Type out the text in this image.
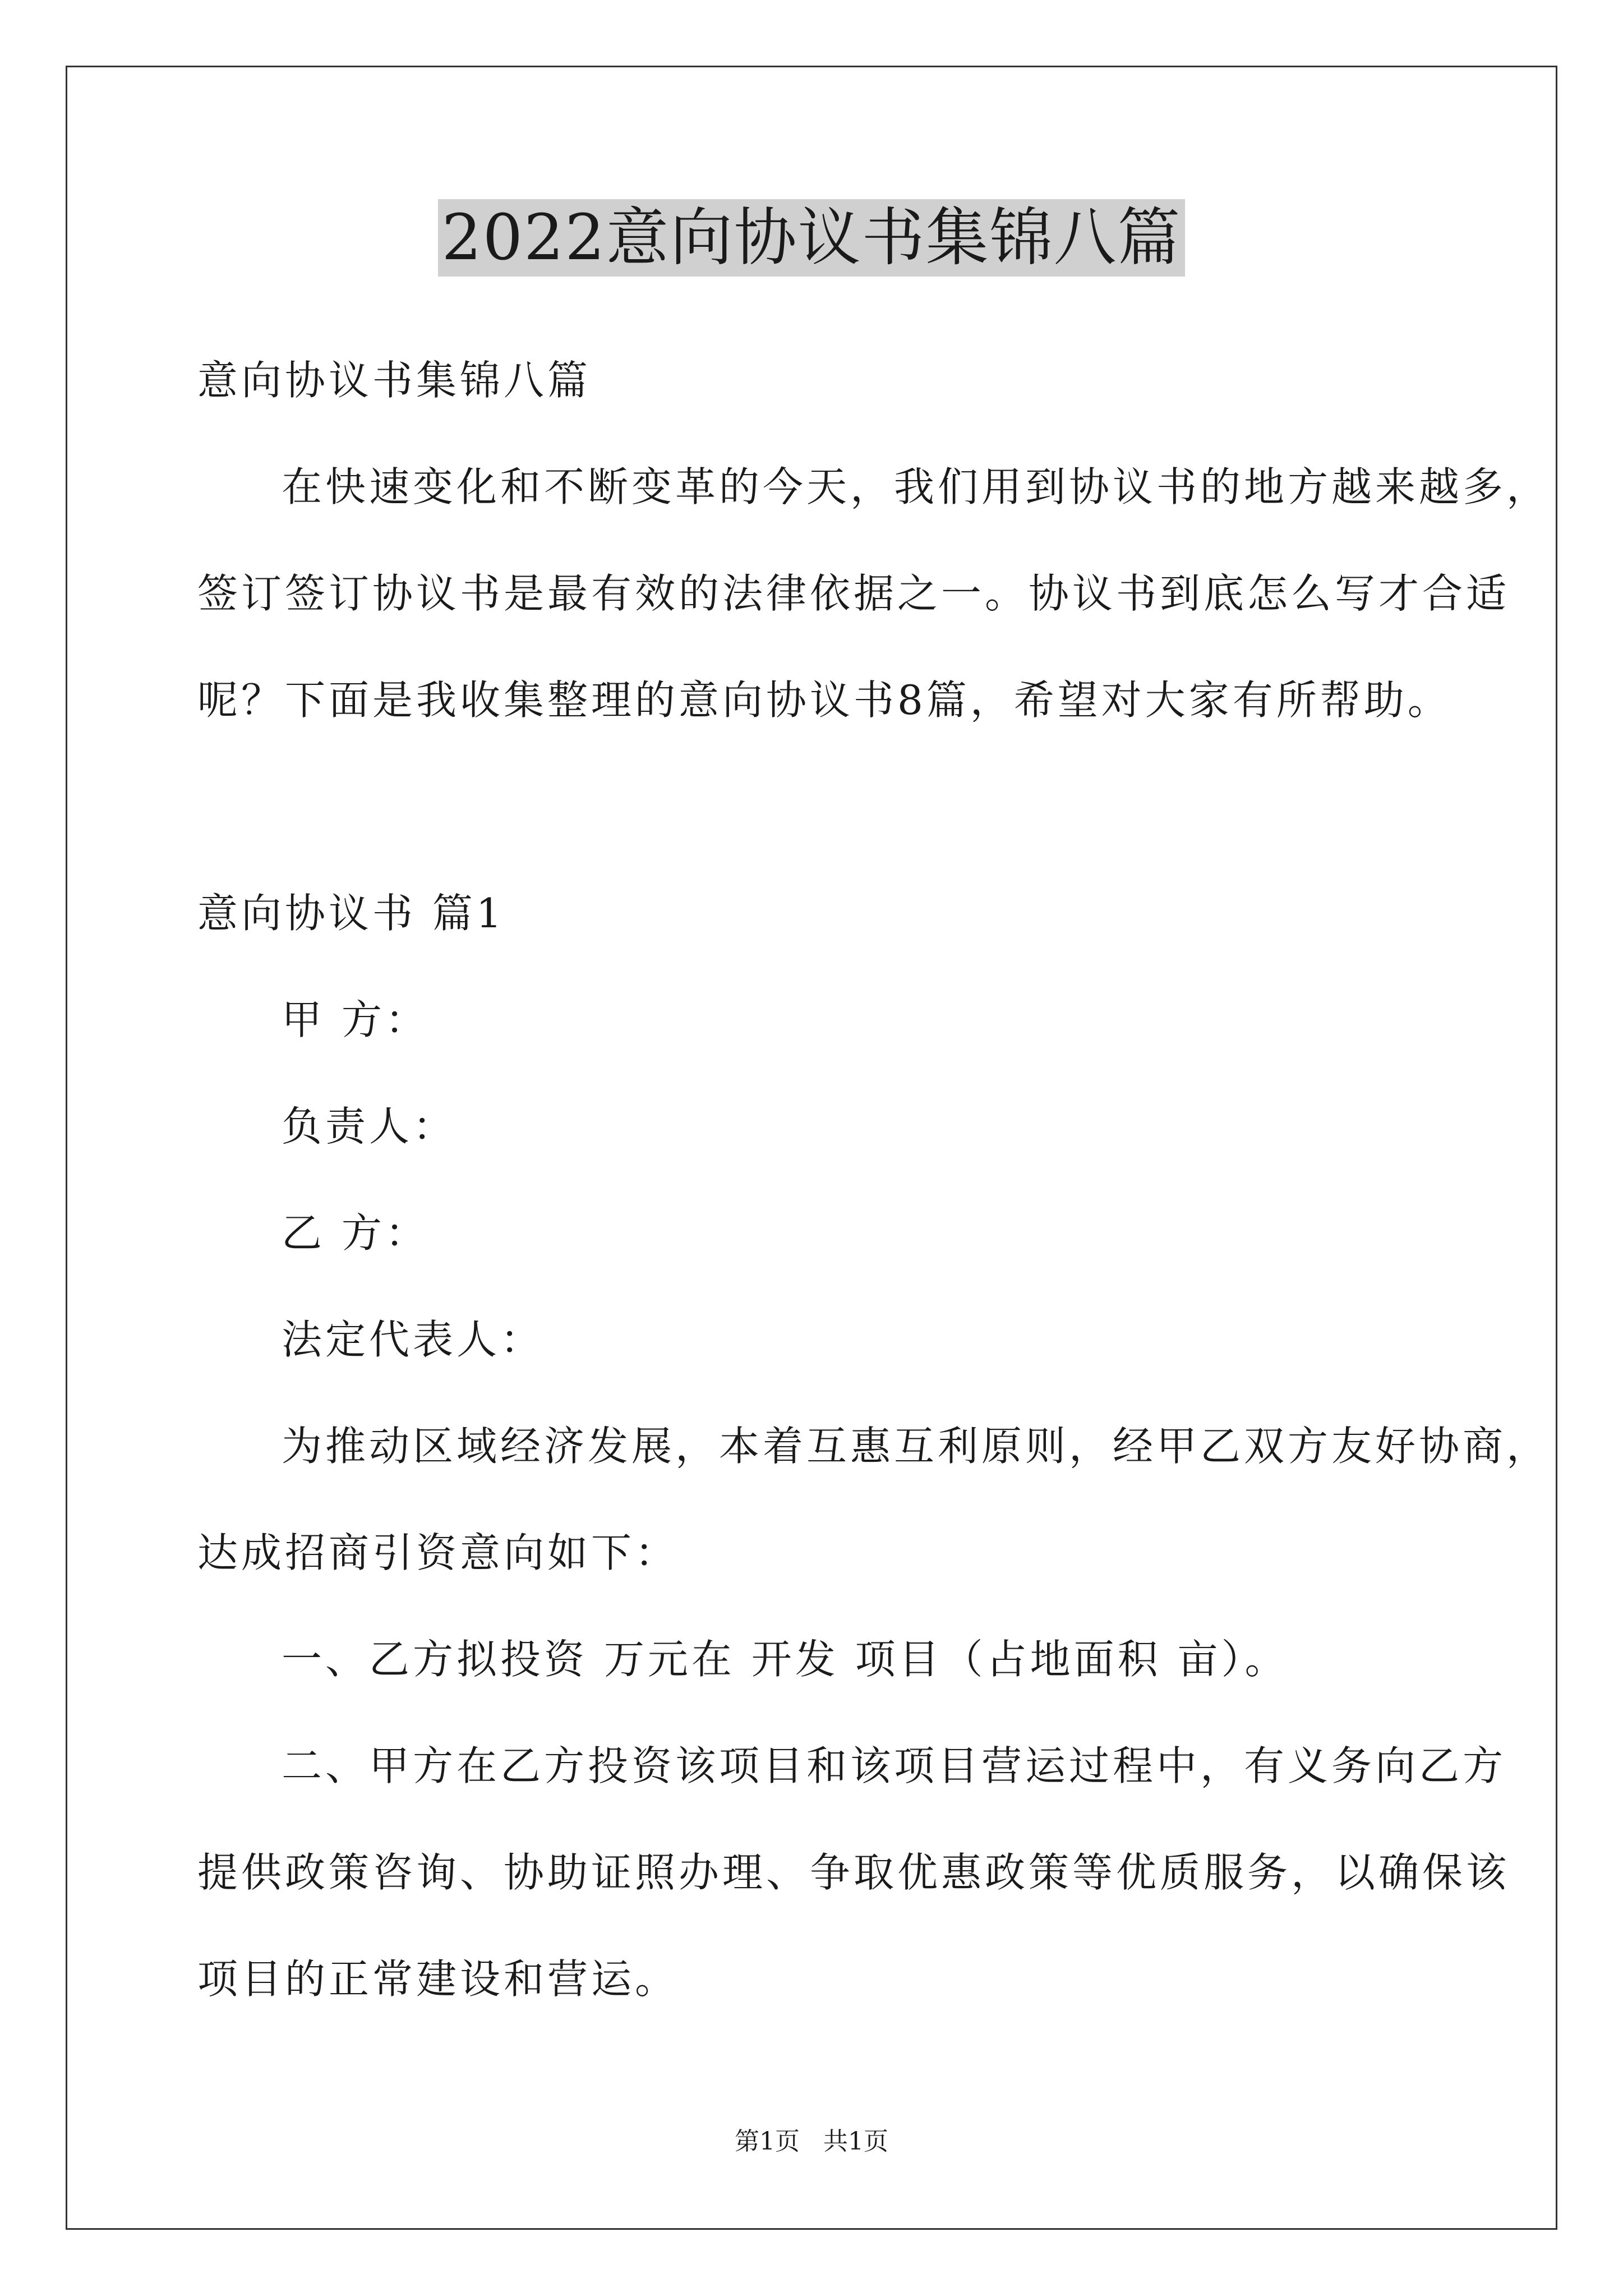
2022意向协议书集锦八篇
意向协议书集锦八篇
在快速变化和不断变革的今天，我们用到协议书的地方越来越多，
签订签订协议书是最有效的法律依据之一。协议书到底怎么写才合适
呢？下面是我收集整理的意向协议书8篇，希望对大家有所帮助。
意向协议书 篇1
甲 方：
负责人：
乙 方：
法定代表人：
为推动区域经济发展，本着互惠互利原则，经甲乙双方友好协商，
达成招商引资意向如下：
一、乙方拟投资 万元在 开发 项目（占地面积 亩）。
二、甲方在乙方投资该项目和该项目营运过程中，有义务向乙方
提供政策咨询、协助证照办理、争取优惠政策等优质服务，以确保该
项目的正常建设和营运。
第1页 共1页
